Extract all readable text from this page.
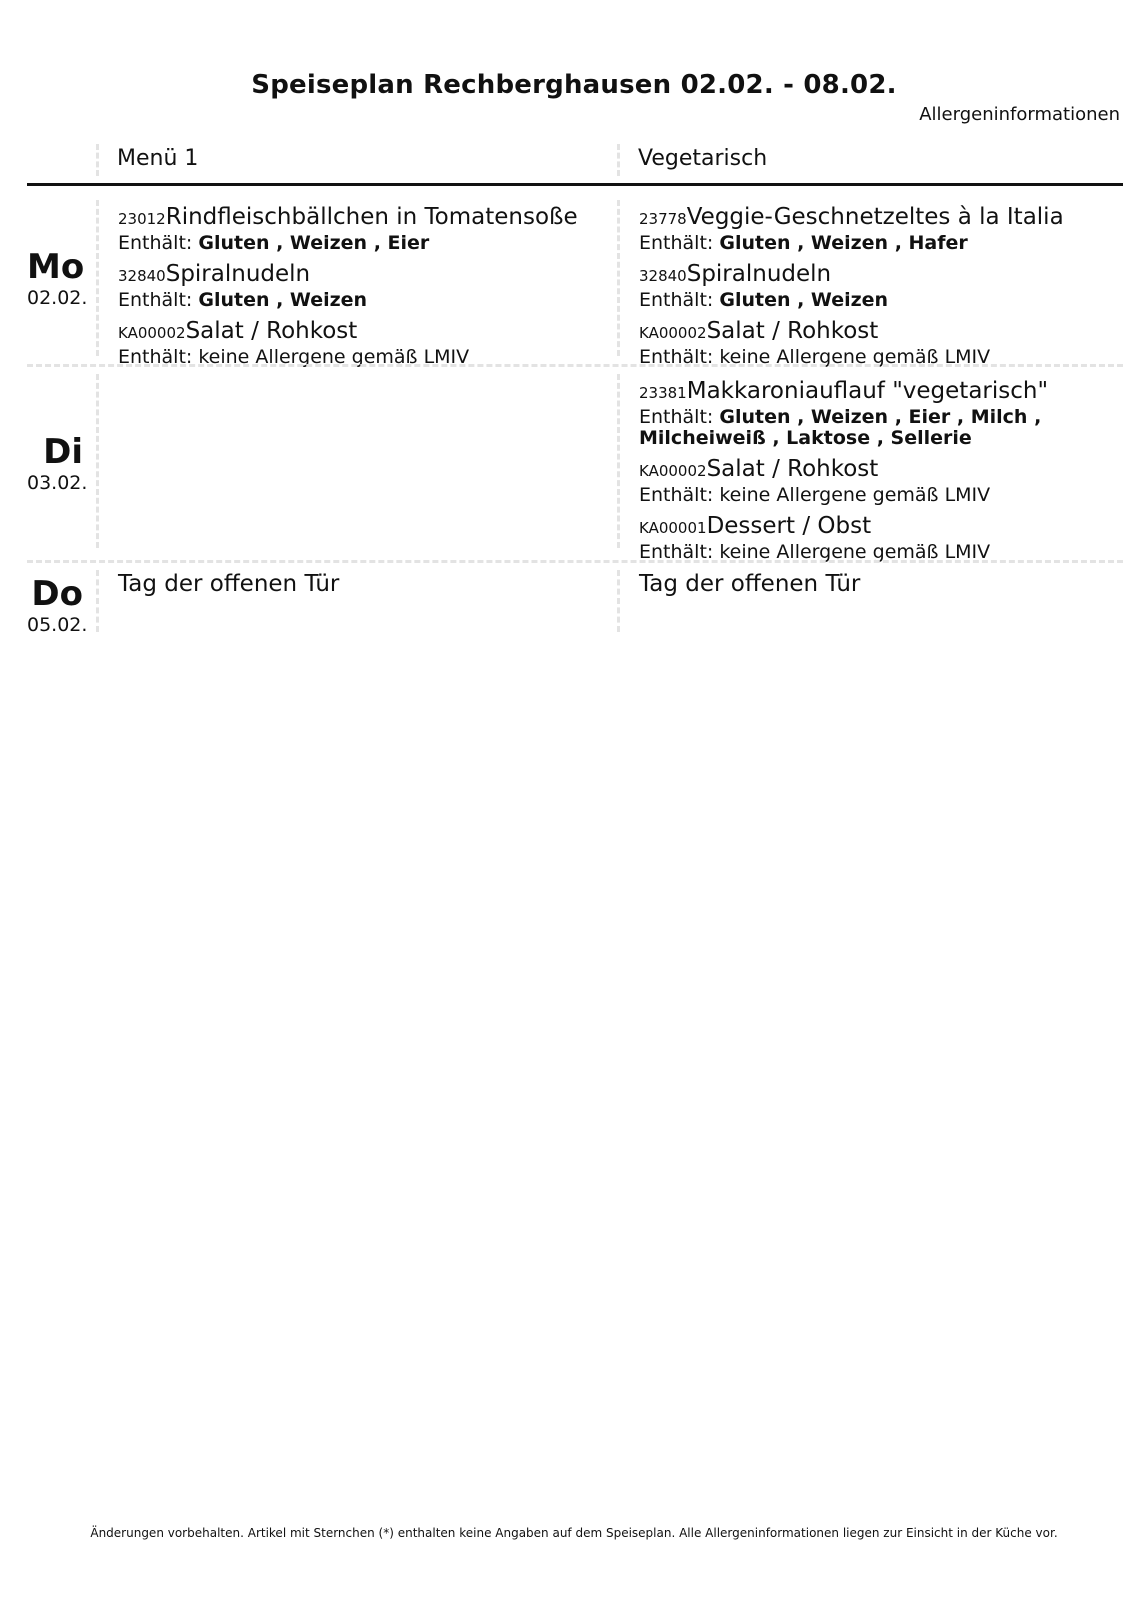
Speiseplan Rechberghausen 02.02. - 08.02.
Allergeninformationen
Menü 1	Vegetarisch
Mo
02.02.
23012Rindfleischbällchen in Tomatensoße
Enthält: Gluten , Weizen , Eier
32840Spiralnudeln
Enthält: Gluten , Weizen
KA00002Salat / Rohkost
Enthält: keine Allergene gemäß LMIV
23778Veggie-Geschnetzeltes à la Italia
Enthält: Gluten , Weizen , Hafer
32840Spiralnudeln
Enthält: Gluten , Weizen
KA00002Salat / Rohkost
Enthält: keine Allergene gemäß LMIV
Di
03.02.
23381Makkaroniauflauf "vegetarisch"
Enthält: Gluten , Weizen , Eier , Milch , Milcheiweiß , Laktose , Sellerie
KA00002Salat / Rohkost
Enthält: keine Allergene gemäß LMIV
KA00001Dessert / Obst
Enthält: keine Allergene gemäß LMIV
Do
05.02.
Tag der offenen Tür	Tag der offenen Tür
Änderungen vorbehalten. Artikel mit Sternchen (*) enthalten keine Angaben auf dem Speiseplan. Alle Allergeninformationen liegen zur Einsicht in der Küche vor.
